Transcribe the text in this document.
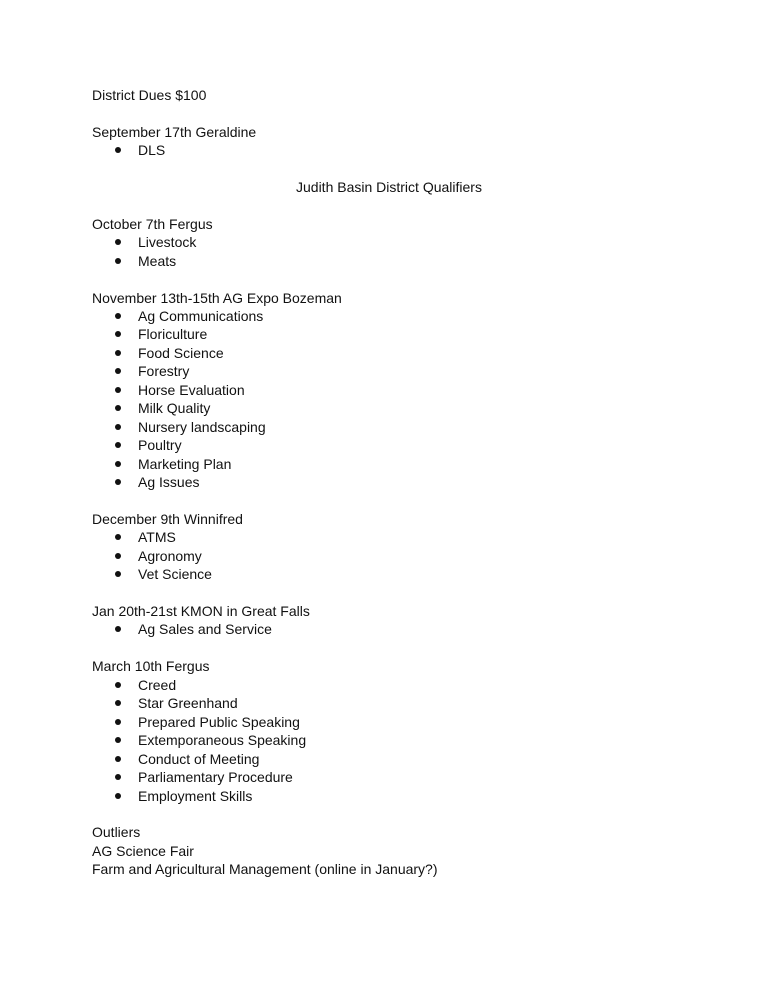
District Dues $100
September 17th Geraldine
DLS
Judith Basin District Qualifiers
October 7th Fergus
Livestock
Meats
November 13th-15th AG Expo Bozeman
Ag Communications
Floriculture
Food Science
Forestry
Horse Evaluation
Milk Quality
Nursery landscaping
Poultry
Marketing Plan
Ag Issues
December 9th Winnifred
ATMS
Agronomy
Vet Science
Jan 20th-21st KMON in Great Falls
Ag Sales and Service
March 10th Fergus
Creed
Star Greenhand
Prepared Public Speaking
Extemporaneous Speaking
Conduct of Meeting
Parliamentary Procedure
Employment Skills
Outliers
AG Science Fair
Farm and Agricultural Management (online in January?)
